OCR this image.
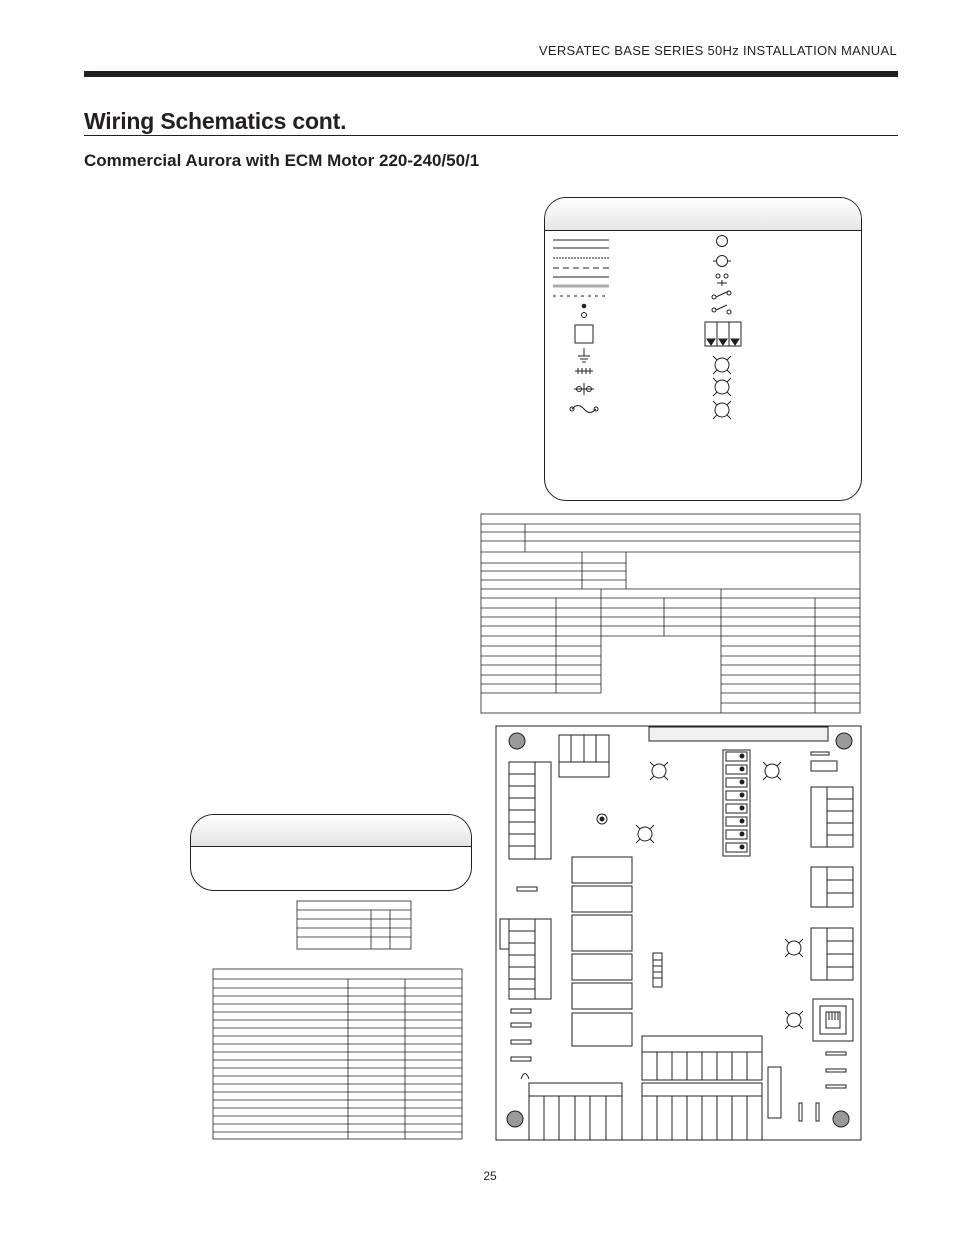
VERSATEC BASE SERIES 50Hz INSTALLATION MANUAL
Wiring Schematics cont.
Commercial Aurora with ECM Motor 220-240/50/1
25
